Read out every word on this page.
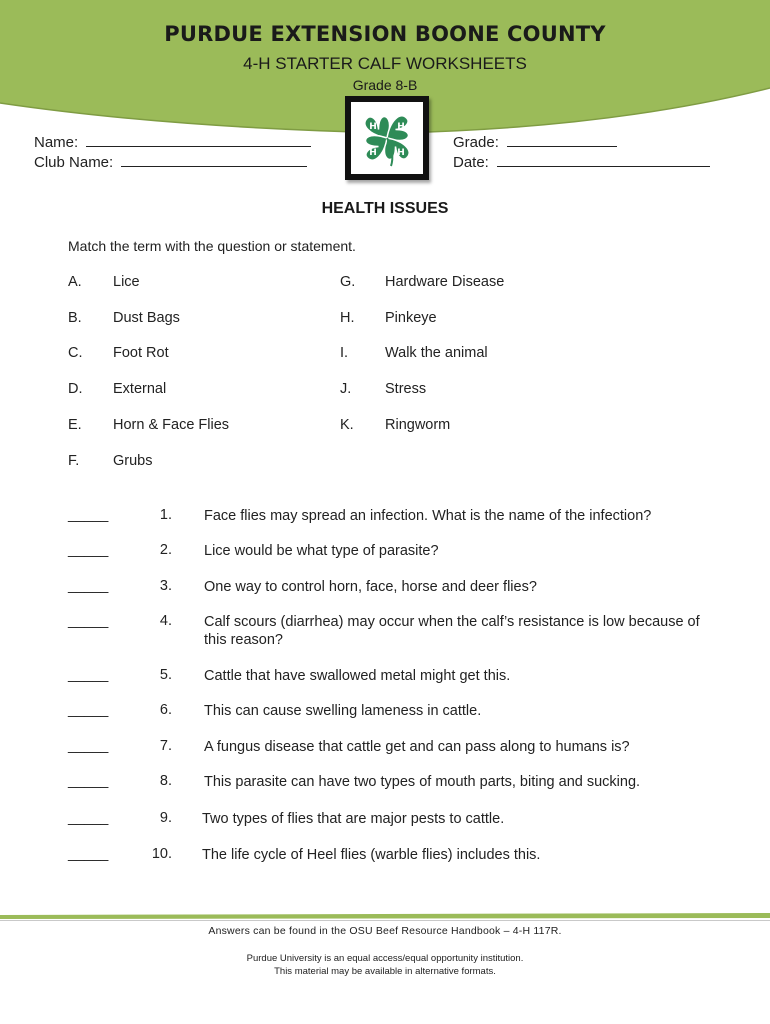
PURDUE EXTENSION BOONE COUNTY
4-H STARTER CALF WORKSHEETS
Grade 8-B
H H
H H
Name:
Club Name:
Grade:
Date:
HEALTH ISSUES
Match the term with the question or statement.
A. Lice
B. Dust Bags
C. Foot Rot
D. External
E. Horn & Face Flies
F. Grubs
G. Hardware Disease
H. Pinkeye
I.	Walk the animal
J. Stress
K. Ringworm
_____	1. Face flies may spread an infection. What is the name of the infection?
_____	2. Lice would be what type of parasite?
_____	3. One way to control horn, face, horse and deer flies?
_____	4. Calf scours (diarrhea) may occur when the calf’s resistance is low because of this reason?
_____	5. Cattle that have swallowed metal might get this.
_____	6. This can cause swelling lameness in cattle.
_____	7. A fungus disease that cattle get and can pass along to humans is?
_____	8. This parasite can have two types of mouth parts, biting and sucking.
_____	9. Two types of flies that are major pests to cattle.
_____	10. The life cycle of Heel flies (warble flies) includes this.
Answers can be found in the OSU Beef Resource Handbook – 4-H 117R.
Purdue University is an equal access/equal opportunity institution.
This material may be available in alternative formats.
